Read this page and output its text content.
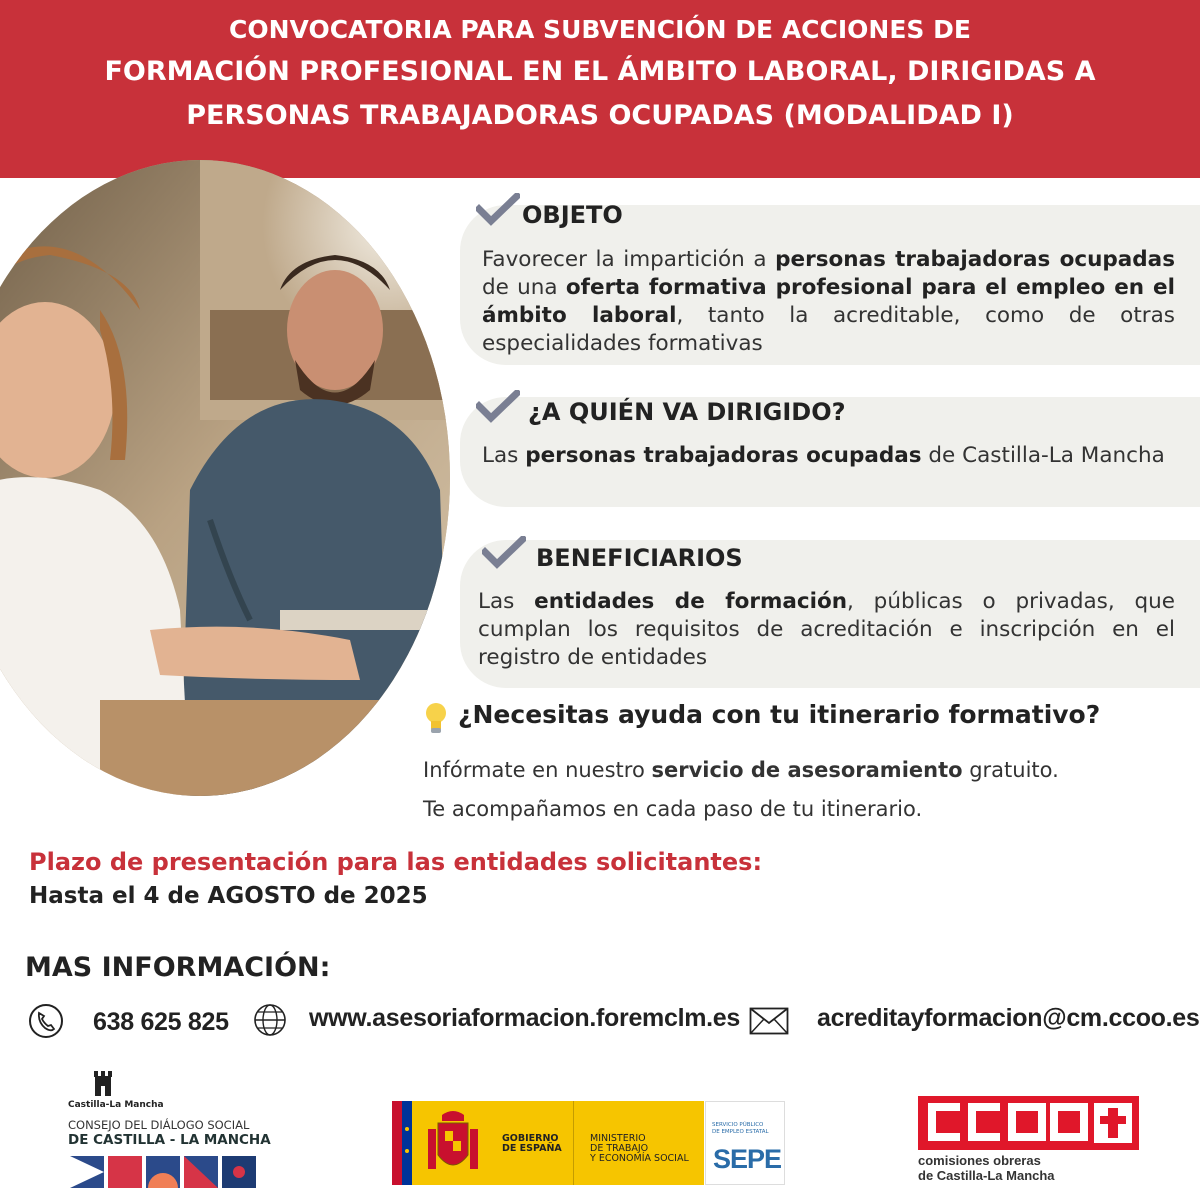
CONVOCATORIA PARA SUBVENCIÓN DE ACCIONES DE
FORMACIÓN PROFESIONAL EN EL ÁMBITO LABORAL, DIRIGIDAS A
PERSONAS TRABAJADORAS OCUPADAS (MODALIDAD I)
OBJETO
Favorecer la impartición a personas trabajadoras ocupadas de una oferta formativa profesional para el empleo en el ámbito laboral, tanto la acreditable, como de otras especialidades formativas
¿A QUIÉN VA DIRIGIDO?
Las personas trabajadoras ocupadas de Castilla-La Mancha
BENEFICIARIOS
Las entidades de formación, públicas o privadas, que cumplan los requisitos de acreditación e inscripción en el registro de entidades
¿Necesitas ayuda con tu itinerario formativo?
Infórmate en nuestro servicio de asesoramiento gratuito.
Te acompañamos en cada paso de tu itinerario.
Plazo de presentación para las entidades solicitantes:
Hasta el 4 de AGOSTO de 2025
MAS INFORMACIÓN:
638 625 825	www.asesoriaformacion.foremclm.es	acreditayformacion@cm.ccoo.es
Castilla-La Mancha
CONSEJO DEL DIÁLOGO SOCIAL
DE CASTILLA - LA MANCHA	GOBIERNO
DE ESPAÑA
MINISTERIO
DE TRABAJO
Y ECONOMÍA SOCIAL
SERVICIO PÚBLICO
DE EMPLEO ESTATAL
SEPE	comisiones obreras
de Castilla-La Mancha
